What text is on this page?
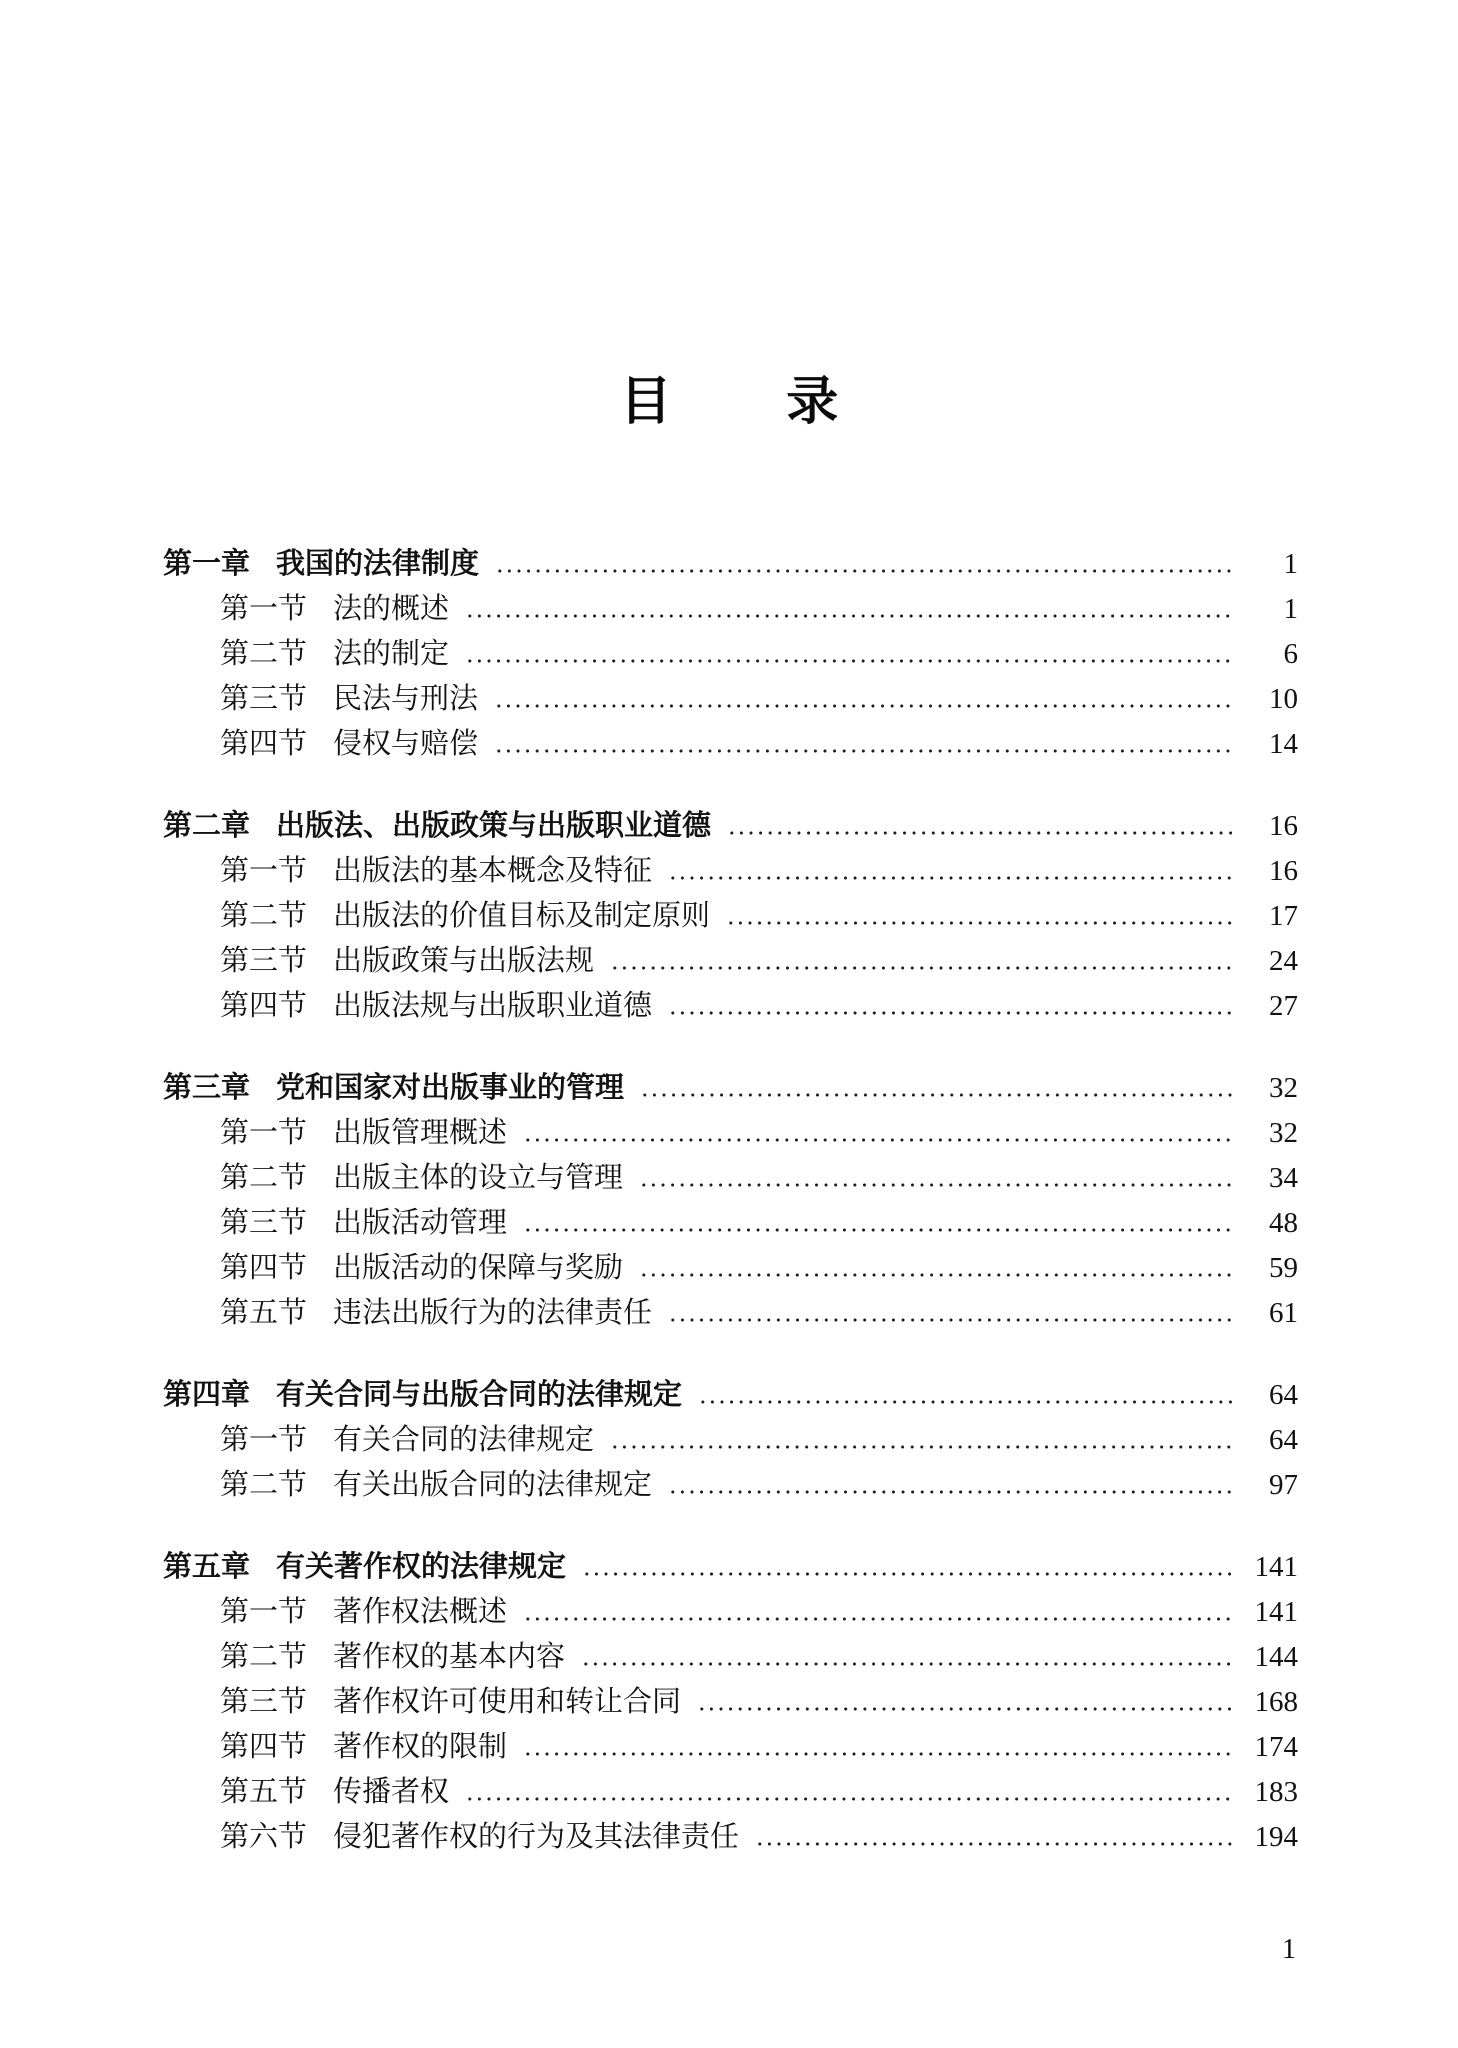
目 录
第一章 我国的法律制度	1
第一节 法的概述	1
第二节 法的制定	6
第三节 民法与刑法	10
第四节 侵权与赔偿	14
第二章 出版法、出版政策与出版职业道德	16
第一节 出版法的基本概念及特征	16
第二节 出版法的价值目标及制定原则	17
第三节 出版政策与出版法规	24
第四节 出版法规与出版职业道德	27
第三章 党和国家对出版事业的管理	32
第一节 出版管理概述	32
第二节 出版主体的设立与管理	34
第三节 出版活动管理	48
第四节 出版活动的保障与奖励	59
第五节 违法出版行为的法律责任	61
第四章 有关合同与出版合同的法律规定	64
第一节 有关合同的法律规定	64
第二节 有关出版合同的法律规定	97
第五章 有关著作权的法律规定	141
第一节 著作权法概述	141
第二节 著作权的基本内容	144
第三节 著作权许可使用和转让合同	168
第四节 著作权的限制	174
第五节 传播者权	183
第六节 侵犯著作权的行为及其法律责任	194
1
